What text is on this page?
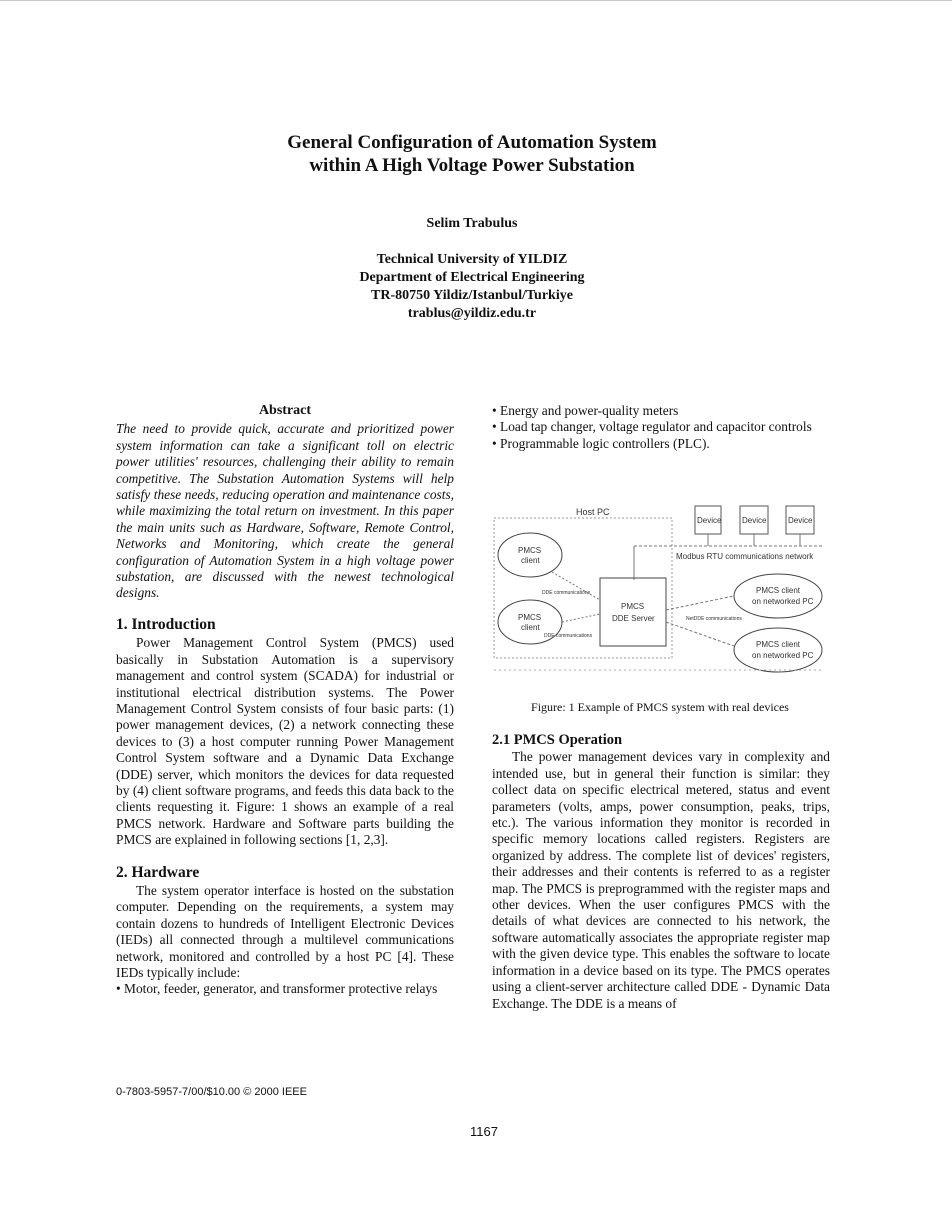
General Configuration of Automation System
within A High Voltage Power Substation
Selim Trabulus
Technical University of YILDIZ
Department of Electrical Engineering
TR-80750 Yildiz/Istanbul/Turkiye
trablus@yildiz.edu.tr
Abstract

The need to provide quick, accurate and prioritized power system information can take a significant toll on electric power utilities' resources, challenging their ability to remain competitive. The Substation Automation Systems will help satisfy these needs, reducing operation and maintenance costs, while maximizing the total return on investment. In this paper the main units such as Hardware, Software, Remote Control, Networks and Monitoring, which create the general configuration of Automation System in a high voltage power substation, are discussed with the newest technological designs.

1. Introduction

Power Management Control System (PMCS) used basically in Substation Automation is a supervisory management and control system (SCADA) for industrial or institutional electrical distribution systems. The Power Management Control System consists of four basic parts: (1) power management devices, (2) a network connecting these devices to (3) a host computer running Power Management Control System software and a Dynamic Data Exchange (DDE) server, which monitors the devices for data requested by (4) client software programs, and feeds this data back to the clients requesting it. Figure: 1 shows an example of a real PMCS network. Hardware and Software parts building the PMCS are explained in following sections [1, 2,3].

2. Hardware

The system operator interface is hosted on the substation computer. Depending on the requirements, a system may contain dozens to hundreds of Intelligent Electronic Devices (IEDs) all connected through a multilevel communications network, monitored and controlled by a host PC [4]. These IEDs typically include:

• Motor, feeder, generator, and transformer protective relays

• Energy and power-quality meters

• Load tap changer, voltage regulator and capacitor controls

• Programmable logic controllers (PLC).

Host PC
Device	Device	Device
Modbus RTU communications network
PMCS
client
PMCS
client
PMCS
DDE Server
DDE communications
DDE communications
PMCS client
on networked PC
PMCS client
on networked PC
NetDDE communications
Figure: 1 Example of PMCS system with real devices
2.1 PMCS Operation

The power management devices vary in complexity and intended use, but in general their function is similar: they collect data on specific electrical metered, status and event parameters (volts, amps, power consumption, peaks, trips, etc.). The various information they monitor is recorded in specific memory locations called registers. Registers are organized by address. The complete list of devices' registers, their addresses and their contents is referred to as a register map. The PMCS is preprogrammed with the register maps and other devices. When the user configures PMCS with the details of what devices are connected to his network, the software automatically associates the appropriate register map with the given device type. This enables the software to locate information in a device based on its type. The PMCS operates using a client-server architecture called DDE - Dynamic Data Exchange. The DDE is a means of

0-7803-5957-7/00/$10.00 © 2000 IEEE
1167
